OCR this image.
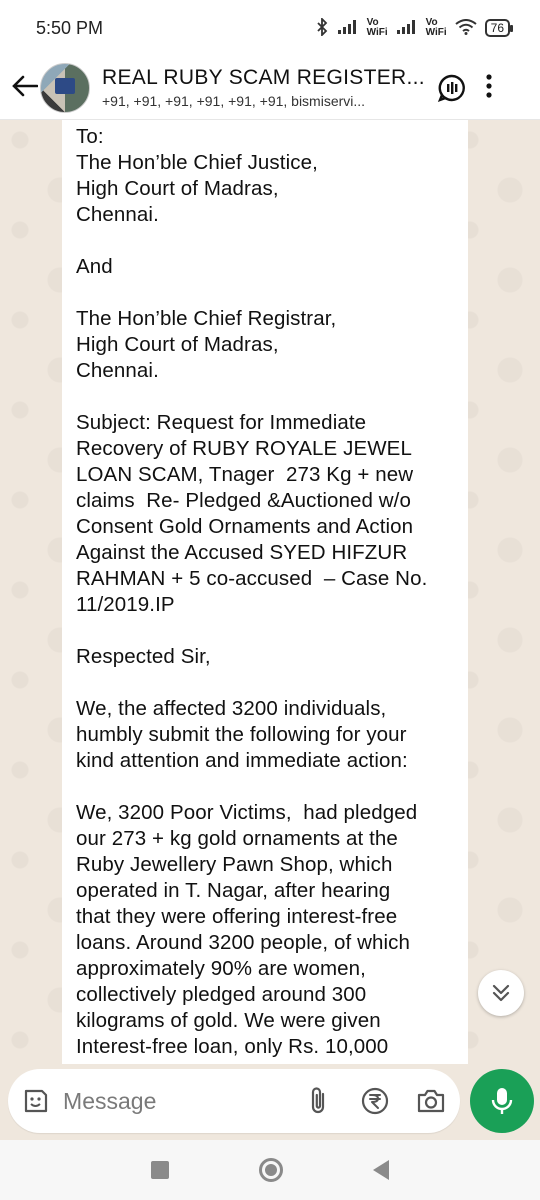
5:50 PM	Vo
WiFi
Vo
WiFi	76
REAL RUBY SCAM REGISTER...
+91, +91, +91, +91, +91, +91, bismiservi...
To:
The Hon’ble Chief Justice,
High Court of Madras,
Chennai.

And

The Hon’ble Chief Registrar,
High Court of Madras,
Chennai.

Subject: Request for Immediate
Recovery of RUBY ROYALE JEWEL
LOAN SCAM, Tnager  273 Kg + new
claims  Re- Pledged &Auctioned w/o
Consent Gold Ornaments and Action
Against the Accused SYED HIFZUR
RAHMAN + 5 co-accused  – Case No.
11/2019.IP

Respected Sir,

We, the affected 3200 individuals,
humbly submit the following for your
kind attention and immediate action:

We, 3200 Poor Victims,  had pledged
our 273 + kg gold ornaments at the
Ruby Jewellery Pawn Shop, which
operated in T. Nagar, after hearing
that they were offering interest-free
loans. Around 3200 people, of which
approximately 90% are women,
collectively pledged around 300
kilograms of gold. We were given
Interest-free loan, only Rs. 10,000
Message
